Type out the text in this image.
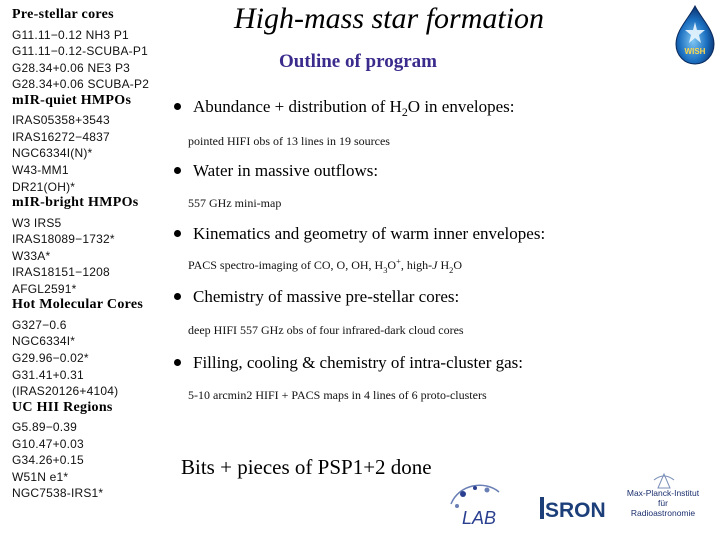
Pre-stellar cores
G11.11−0.12 NH3 P1
G11.11−0.12-SCUBA-P1
G28.34+0.06 NE3 P3
G28.34+0.06 SCUBA-P2
mIR-quiet HMPOs
IRAS05358+3543
IRAS16272−4837
NGC6334I(N)*
W43-MM1
DR21(OH)*
mIR-bright HMPOs
W3 IRS5
IRAS18089−1732*
W33A*
IRAS18151−1208
AFGL2591*
Hot Molecular Cores
G327−0.6
NGC6334I*
G29.96−0.02*
G31.41+0.31
(IRAS20126+4104)
UC HII Regions
G5.89−0.39
G10.47+0.03
G34.26+0.15
W51N e1*
NGC7538-IRS1*
High-mass star formation
Outline of program	WISH
Abundance + distribution of $H_2O$ in envelopes:
pointed HIFI obs of 13 lines in 19 sources
Water in massive outflows:
557 GHz mini-map
Kinematics and geometry of warm inner envelopes:
PACS spectro-imaging of CO, O, OH, $H_3O^+$, high-J $H_2O$
Chemistry of massive pre-stellar cores:
deep HIFI 557 GHz obs of four infrared-dark cloud cores
Filling, cooling & chemistry of intra-cluster gas:
5-10 arcmin2 HIFI + PACS maps in 4 lines of 6 proto-clusters
Bits + pieces of PSP1+2 done
LAB SRON
Max-Planck-Institut
für
Radioastronomie
